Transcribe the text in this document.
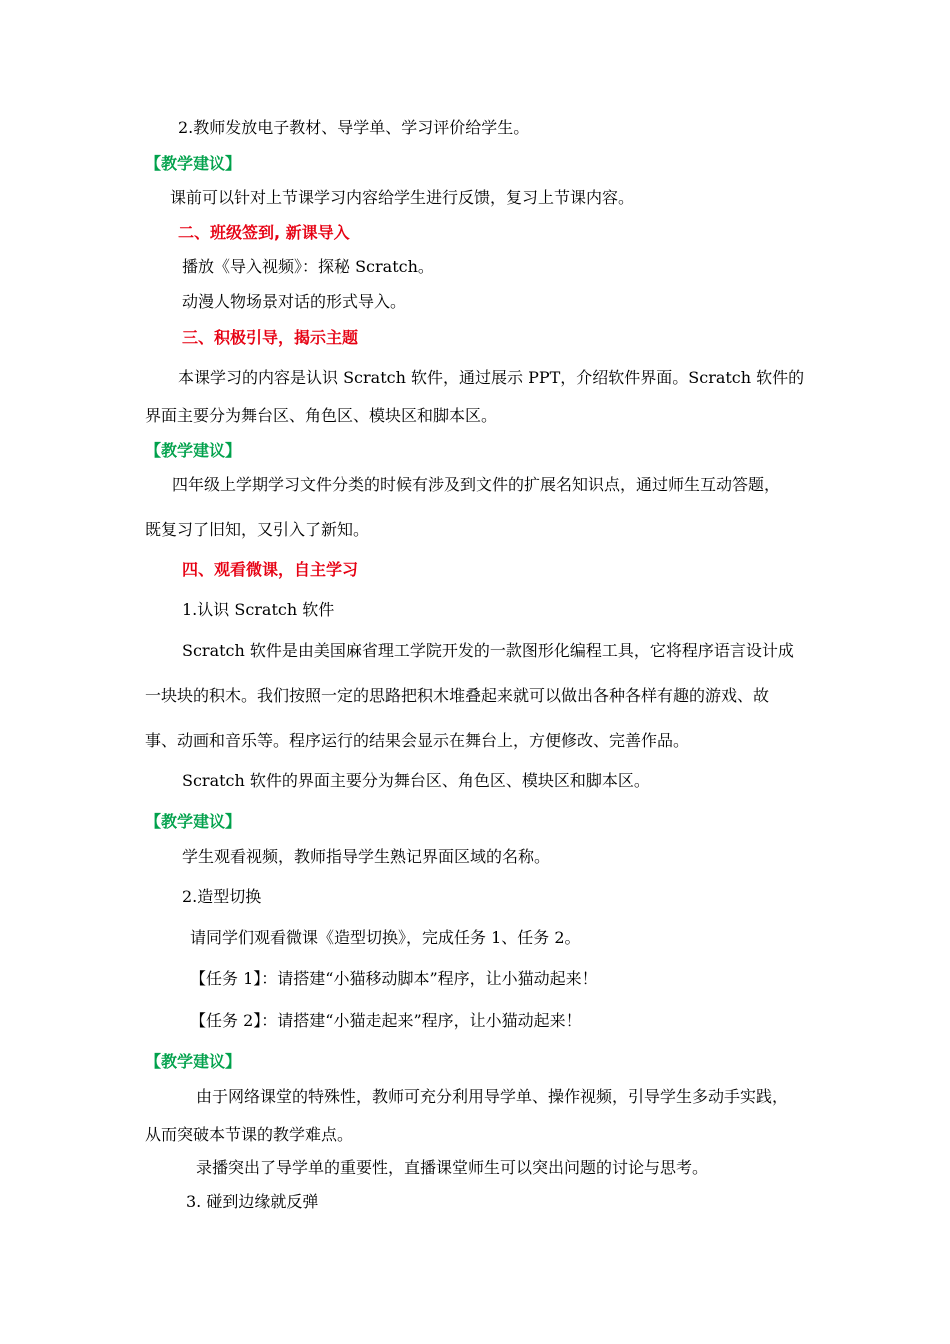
2.教师发放电子教材、导学单、学习评价给学生。
【教学建议】
课前可以针对上节课学习内容给学生进行反馈，复习上节课内容。
二、班级签到, 新课导入
播放《导入视频》：探秘 Scratch。
动漫人物场景对话的形式导入。
三、积极引导，揭示主题
本课学习的内容是认识 Scratch 软件，通过展示 PPT，介绍软件界面。Scratch 软件的
界面主要分为舞台区、角色区、模块区和脚本区。
【教学建议】
四年级上学期学习文件分类的时候有涉及到文件的扩展名知识点，通过师生互动答题，
既复习了旧知，又引入了新知。
四、观看微课，自主学习
1.认识 Scratch 软件
Scratch 软件是由美国麻省理工学院开发的一款图形化编程工具，它将程序语言设计成
一块块的积木。我们按照一定的思路把积木堆叠起来就可以做出各种各样有趣的游戏、故
事、动画和音乐等。程序运行的结果会显示在舞台上，方便修改、完善作品。
Scratch 软件的界面主要分为舞台区、角色区、模块区和脚本区。
【教学建议】
学生观看视频，教师指导学生熟记界面区域的名称。
2.造型切换
请同学们观看微课《造型切换》，完成任务 1、任务 2。
【任务 1】：请搭建“小猫移动脚本”程序，让小猫动起来！
【任务 2】：请搭建“小猫走起来”程序，让小猫动起来！
【教学建议】
由于网络课堂的特殊性，教师可充分利用导学单、操作视频，引导学生多动手实践，
从而突破本节课的教学难点。
录播突出了导学单的重要性，直播课堂师生可以突出问题的讨论与思考。
3. 碰到边缘就反弹
